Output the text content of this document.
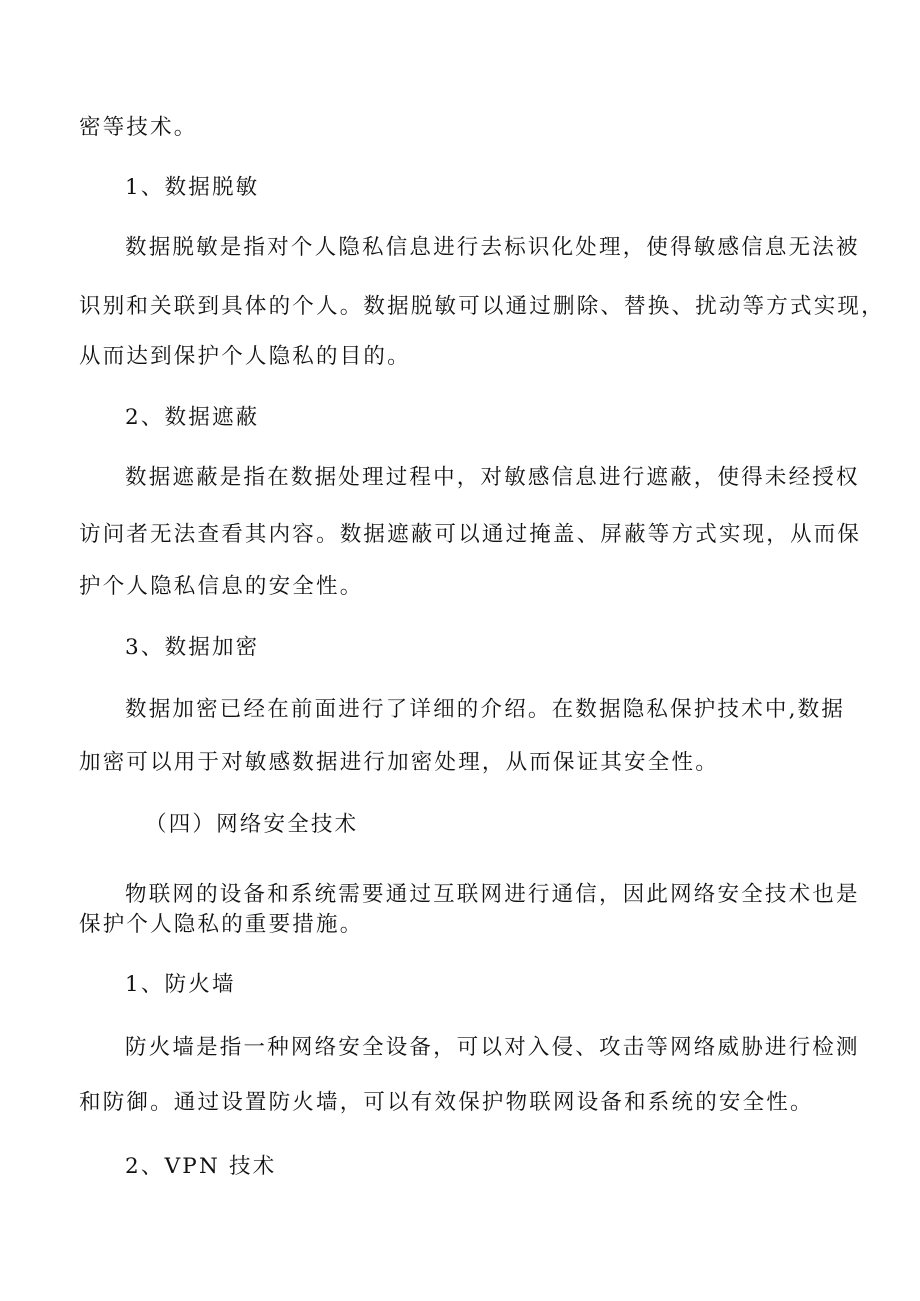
密等技术。
1、数据脱敏
数据脱敏是指对个人隐私信息进行去标识化处理，使得敏感信息无法被
识别和关联到具体的个人。数据脱敏可以通过删除、替换、扰动等方式实现，
从而达到保护个人隐私的目的。
2、数据遮蔽
数据遮蔽是指在数据处理过程中，对敏感信息进行遮蔽，使得未经授权
访问者无法查看其内容。数据遮蔽可以通过掩盖、屏蔽等方式实现，从而保
护个人隐私信息的安全性。
3、数据加密
数据加密已经在前面进行了详细的介绍。在数据隐私保护技术中,数据
加密可以用于对敏感数据进行加密处理，从而保证其安全性。
（四）网络安全技术
物联网的设备和系统需要通过互联网进行通信，因此网络安全技术也是
保护个人隐私的重要措施。
1、防火墙
防火墙是指一种网络安全设备，可以对入侵、攻击等网络威胁进行检测
和防御。通过设置防火墙，可以有效保护物联网设备和系统的安全性。
2、VPN 技术
